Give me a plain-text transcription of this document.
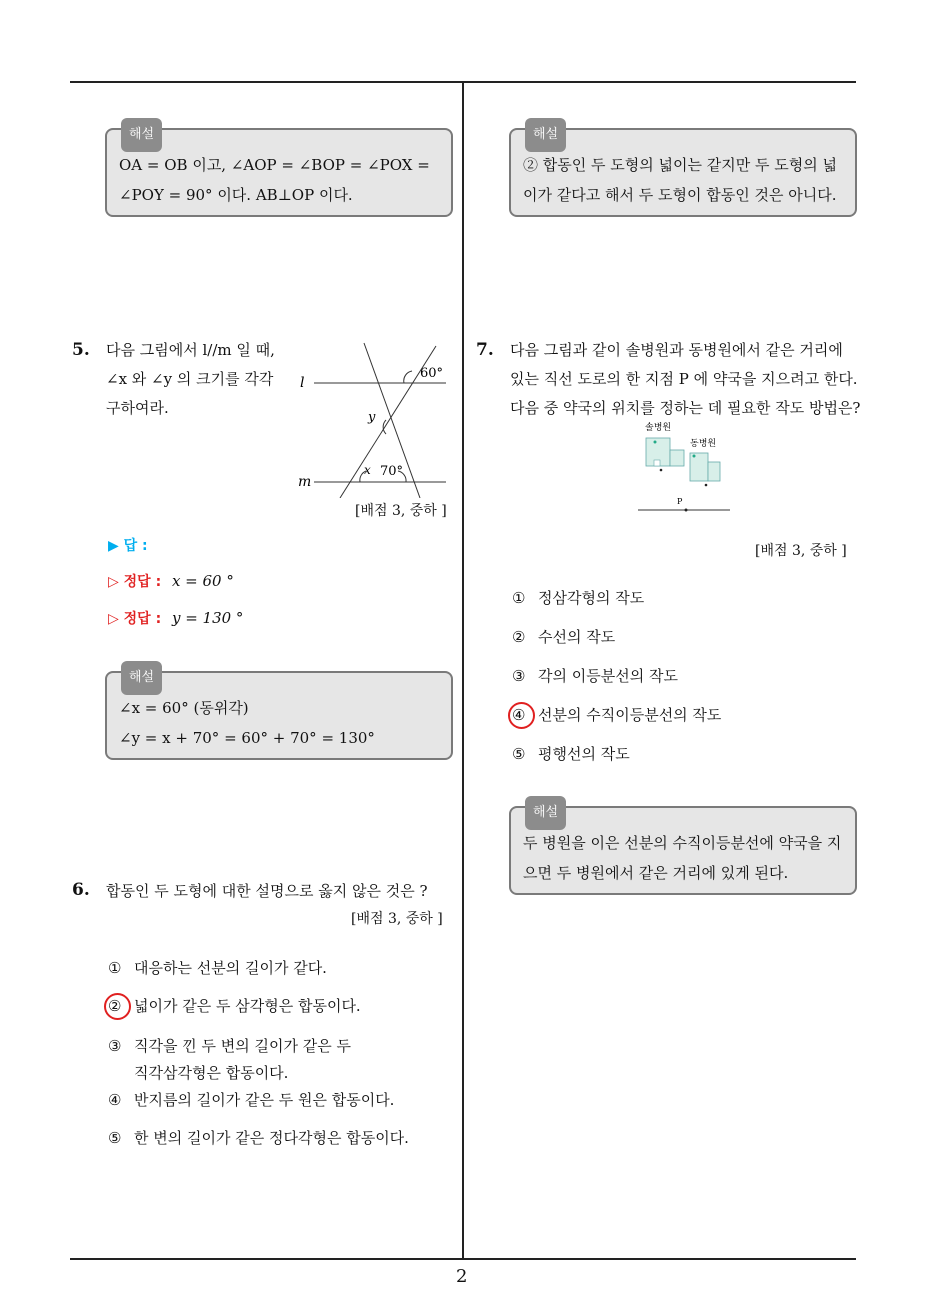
해설
OA = OB 이고, ∠AOP = ∠BOP = ∠POX =
∠POY = 90° 이다. AB⊥OP 이다.
5. 다음 그림에서 l//m 일 때,
∠x 와 ∠y 의 크기를 각각
구하여라.
l
m
60°
y
x 70°
[배점 3, 중하 ]
▶ 답 :
▷ 정답 : x = 60 °
▷ 정답 : y = 130 °
해설
∠x = 60° (동위각)
∠y = x + 70° = 60° + 70° = 130°
6. 합동인 두 도형에 대한 설명으로 옳지 않은 것은 ?
[배점 3, 중하 ]
① 대응하는 선분의 길이가 같다.
② 넓이가 같은 두 삼각형은 합동이다.
③ 직각을 낀 두 변의 길이가 같은 두
직각삼각형은 합동이다.
④ 반지름의 길이가 같은 두 원은 합동이다.
⑤ 한 변의 길이가 같은 정다각형은 합동이다.
해설
② 합동인 두 도형의 넓이는 같지만 두 도형의 넓
이가 같다고 해서 두 도형이 합동인 것은 아니다.
7. 다음 그림과 같이 솔병원과 동병원에서 같은 거리에
있는 직선 도로의 한 지점 P 에 약국을 지으려고 한다.
다음 중 약국의 위치를 정하는 데 필요한 작도 방법은?
솔병원
동병원
P
[배점 3, 중하 ]
① 정삼각형의 작도
② 수선의 작도
③ 각의 이등분선의 작도
④ 선분의 수직이등분선의 작도
⑤ 평행선의 작도
해설
두 병원을 이은 선분의 수직이등분선에 약국을 지
으면 두 병원에서 같은 거리에 있게 된다.
2
